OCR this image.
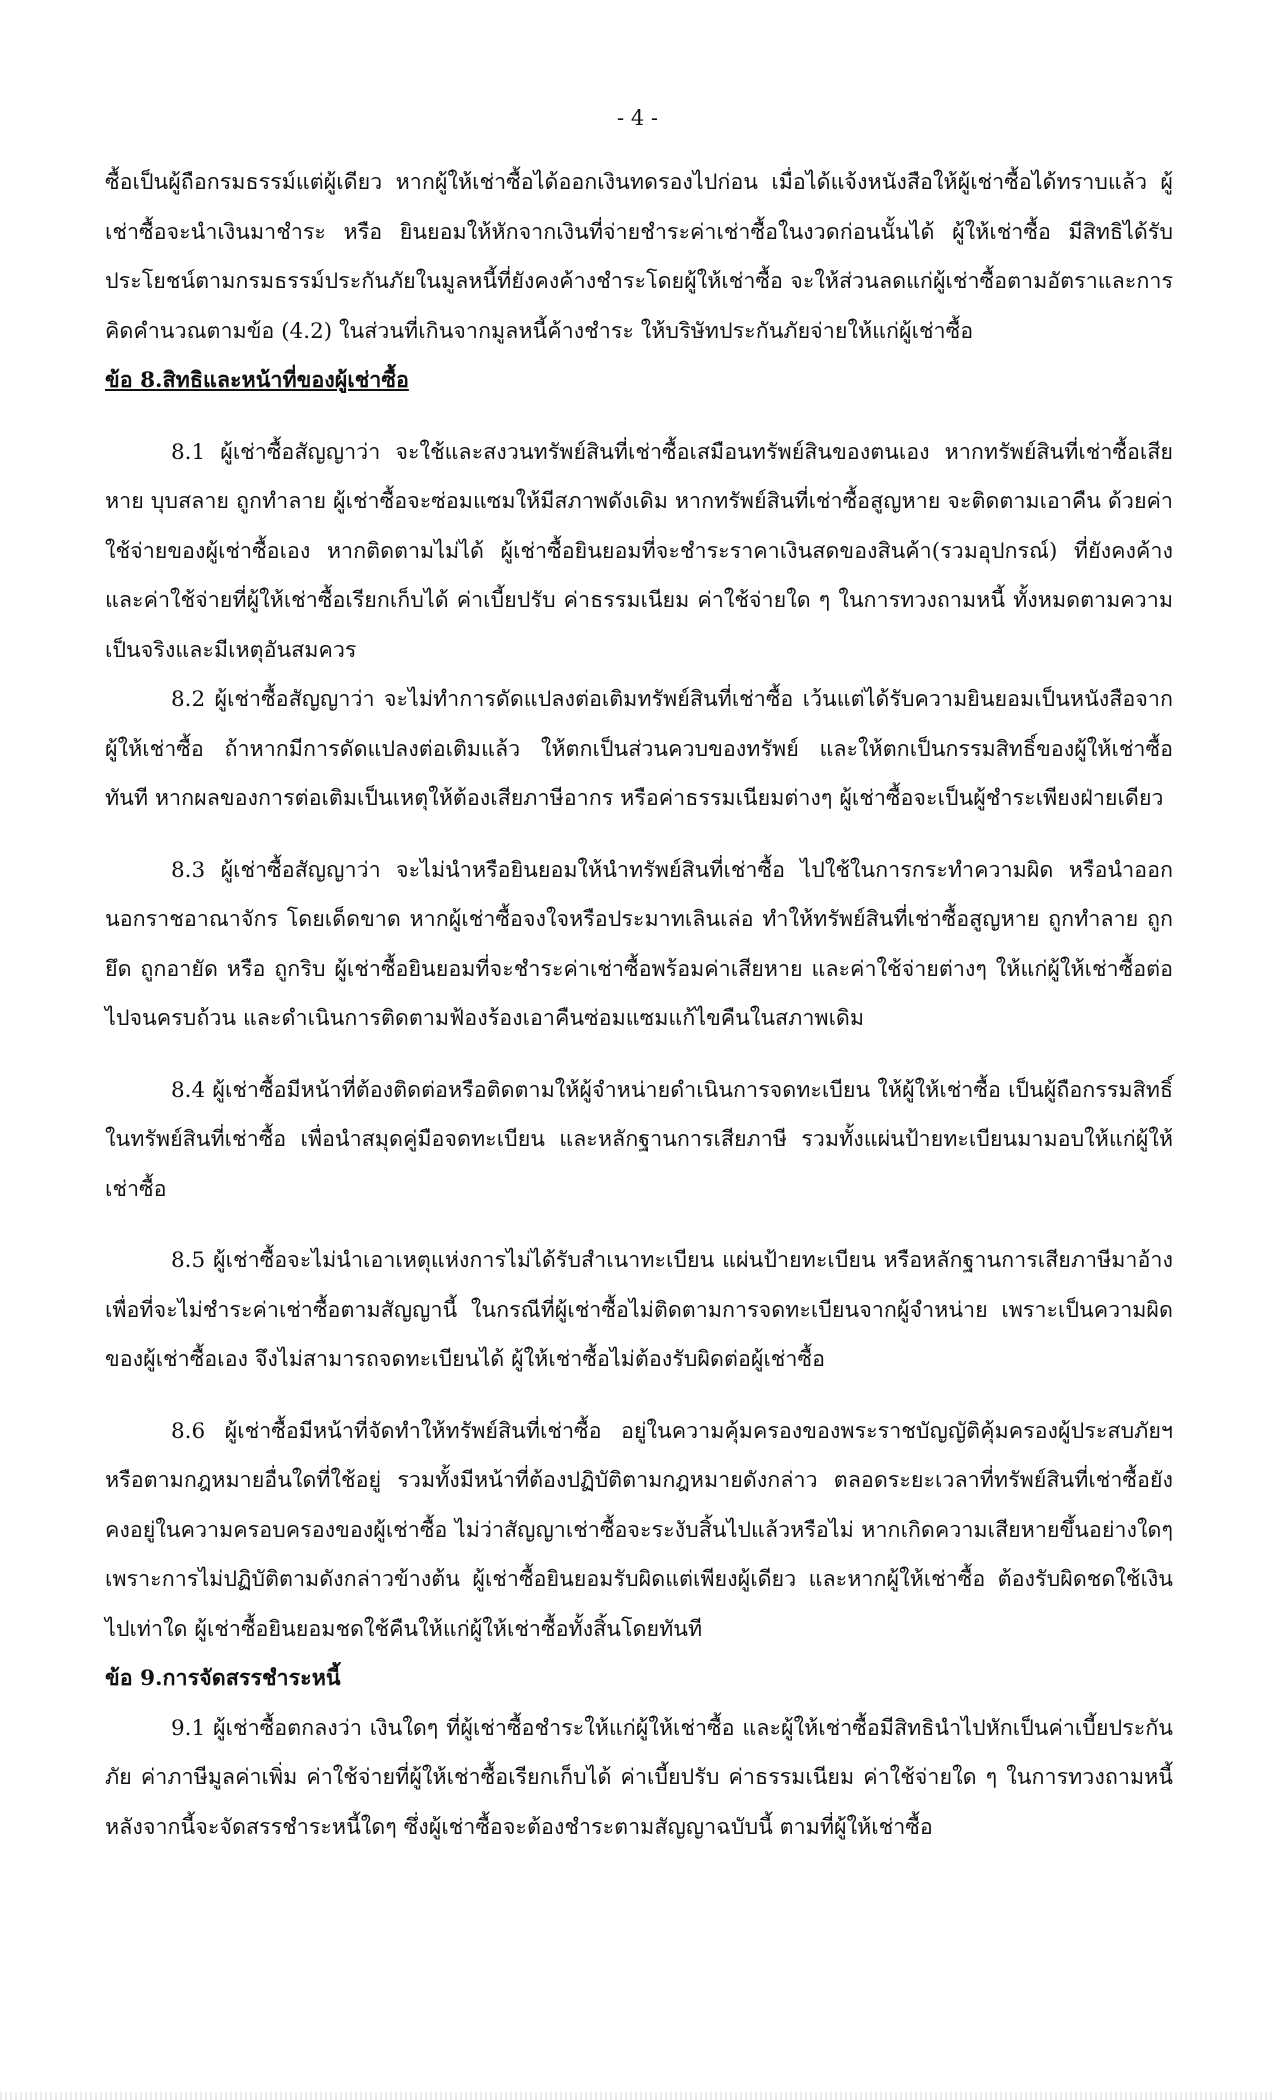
- 4 -

ซื้อเป็นผู้ถือกรมธรรม์แต่ผู้เดียว หากผู้ให้เช่าซื้อได้ออกเงินทดรองไปก่อน เมื่อได้แจ้งหนังสือให้ผู้เช่าซื้อได้ทราบแล้ว ผู้เช่าซื้อจะนำเงินมาชำระ หรือ ยินยอมให้หักจากเงินที่จ่ายชำระค่าเช่าซื้อในงวดก่อนนั้นได้ ผู้ให้เช่าซื้อ มีสิทธิได้รับประโยชน์ตามกรมธรรม์ประกันภัยในมูลหนี้ที่ยังคงค้างชำระโดยผู้ให้เช่าซื้อ จะให้ส่วนลดแก่ผู้เช่าซื้อตามอัตราและการคิดคำนวณตามข้อ (4.2) ในส่วนที่เกินจากมูลหนี้ค้างชำระ ให้บริษัทประกันภัยจ่ายให้แก่ผู้เช่าซื้อ

ข้อ 8.สิทธิและหน้าที่ของผู้เช่าซื้อ

8.1 ผู้เช่าซื้อสัญญาว่า จะใช้และสงวนทรัพย์สินที่เช่าซื้อเสมือนทรัพย์สินของตนเอง หากทรัพย์สินที่เช่าซื้อเสียหาย บุบสลาย ถูกทำลาย ผู้เช่าซื้อจะซ่อมแซมให้มีสภาพดังเดิม หากทรัพย์สินที่เช่าซื้อสูญหาย จะติดตามเอาคืน ด้วยค่าใช้จ่ายของผู้เช่าซื้อเอง หากติดตามไม่ได้ ผู้เช่าซื้อยินยอมที่จะชำระราคาเงินสดของสินค้า(รวมอุปกรณ์) ที่ยังคงค้าง และค่าใช้จ่ายที่ผู้ให้เช่าซื้อเรียกเก็บได้ ค่าเบี้ยปรับ ค่าธรรมเนียม ค่าใช้จ่ายใด ๆ ในการทวงถามหนี้ ทั้งหมดตามความเป็นจริงและมีเหตุอันสมควร

8.2 ผู้เช่าซื้อสัญญาว่า จะไม่ทำการดัดแปลงต่อเติมทรัพย์สินที่เช่าซื้อ เว้นแต่ได้รับความยินยอมเป็นหนังสือจากผู้ให้เช่าซื้อ ถ้าหากมีการดัดแปลงต่อเติมแล้ว ให้ตกเป็นส่วนควบของทรัพย์ และให้ตกเป็นกรรมสิทธิ์ของผู้ให้เช่าซื้อทันที หากผลของการต่อเติมเป็นเหตุให้ต้องเสียภาษีอากร หรือค่าธรรมเนียมต่างๆ ผู้เช่าซื้อจะเป็นผู้ชำระเพียงฝ่ายเดียว

8.3 ผู้เช่าซื้อสัญญาว่า จะไม่นำหรือยินยอมให้นำทรัพย์สินที่เช่าซื้อ ไปใช้ในการกระทำความผิด หรือนำออกนอกราชอาณาจักร โดยเด็ดขาด หากผู้เช่าซื้อจงใจหรือประมาทเลินเล่อ ทำให้ทรัพย์สินที่เช่าซื้อสูญหาย ถูกทำลาย ถูกยึด ถูกอายัด หรือ ถูกริบ ผู้เช่าซื้อยินยอมที่จะชำระค่าเช่าซื้อพร้อมค่าเสียหาย และค่าใช้จ่ายต่างๆ ให้แก่ผู้ให้เช่าซื้อต่อไปจนครบถ้วน และดำเนินการติดตามฟ้องร้องเอาคืนซ่อมแซมแก้ไขคืนในสภาพเดิม

8.4 ผู้เช่าซื้อมีหน้าที่ต้องติดต่อหรือติดตามให้ผู้จำหน่ายดำเนินการจดทะเบียน ให้ผู้ให้เช่าซื้อ เป็นผู้ถือกรรมสิทธิ์ในทรัพย์สินที่เช่าซื้อ เพื่อนำสมุดคู่มือจดทะเบียน และหลักฐานการเสียภาษี รวมทั้งแผ่นป้ายทะเบียนมามอบให้แก่ผู้ให้เช่าซื้อ

8.5 ผู้เช่าซื้อจะไม่นำเอาเหตุแห่งการไม่ได้รับสำเนาทะเบียน แผ่นป้ายทะเบียน หรือหลักฐานการเสียภาษีมาอ้าง เพื่อที่จะไม่ชำระค่าเช่าซื้อตามสัญญานี้ ในกรณีที่ผู้เช่าซื้อไม่ติดตามการจดทะเบียนจากผู้จำหน่าย เพราะเป็นความผิดของผู้เช่าซื้อเอง จึงไม่สามารถจดทะเบียนได้ ผู้ให้เช่าซื้อไม่ต้องรับผิดต่อผู้เช่าซื้อ

8.6 ผู้เช่าซื้อมีหน้าที่จัดทำให้ทรัพย์สินที่เช่าซื้อ อยู่ในความคุ้มครองของพระราชบัญญัติคุ้มครองผู้ประสบภัยฯ หรือตามกฎหมายอื่นใดที่ใช้อยู่ รวมทั้งมีหน้าที่ต้องปฏิบัติตามกฎหมายดังกล่าว ตลอดระยะเวลาที่ทรัพย์สินที่เช่าซื้อยังคงอยู่ในความครอบครองของผู้เช่าซื้อ ไม่ว่าสัญญาเช่าซื้อจะระงับสิ้นไปแล้วหรือไม่ หากเกิดความเสียหายขึ้นอย่างใดๆ เพราะการไม่ปฏิบัติตามดังกล่าวข้างต้น ผู้เช่าซื้อยินยอมรับผิดแต่เพียงผู้เดียว และหากผู้ให้เช่าซื้อ ต้องรับผิดชดใช้เงินไปเท่าใด ผู้เช่าซื้อยินยอมชดใช้คืนให้แก่ผู้ให้เช่าซื้อทั้งสิ้นโดยทันที

ข้อ 9.การจัดสรรชำระหนี้

9.1 ผู้เช่าซื้อตกลงว่า เงินใดๆ ที่ผู้เช่าซื้อชำระให้แก่ผู้ให้เช่าซื้อ และผู้ให้เช่าซื้อมีสิทธินำไปหักเป็นค่าเบี้ยประกันภัย ค่าภาษีมูลค่าเพิ่ม ค่าใช้จ่ายที่ผู้ให้เช่าซื้อเรียกเก็บได้ ค่าเบี้ยปรับ ค่าธรรมเนียม ค่าใช้จ่ายใด ๆ ในการทวงถามหนี้ หลังจากนี้จะจัดสรรชำระหนี้ใดๆ ซึ่งผู้เช่าซื้อจะต้องชำระตามสัญญาฉบับนี้ ตามที่ผู้ให้เช่าซื้อ
